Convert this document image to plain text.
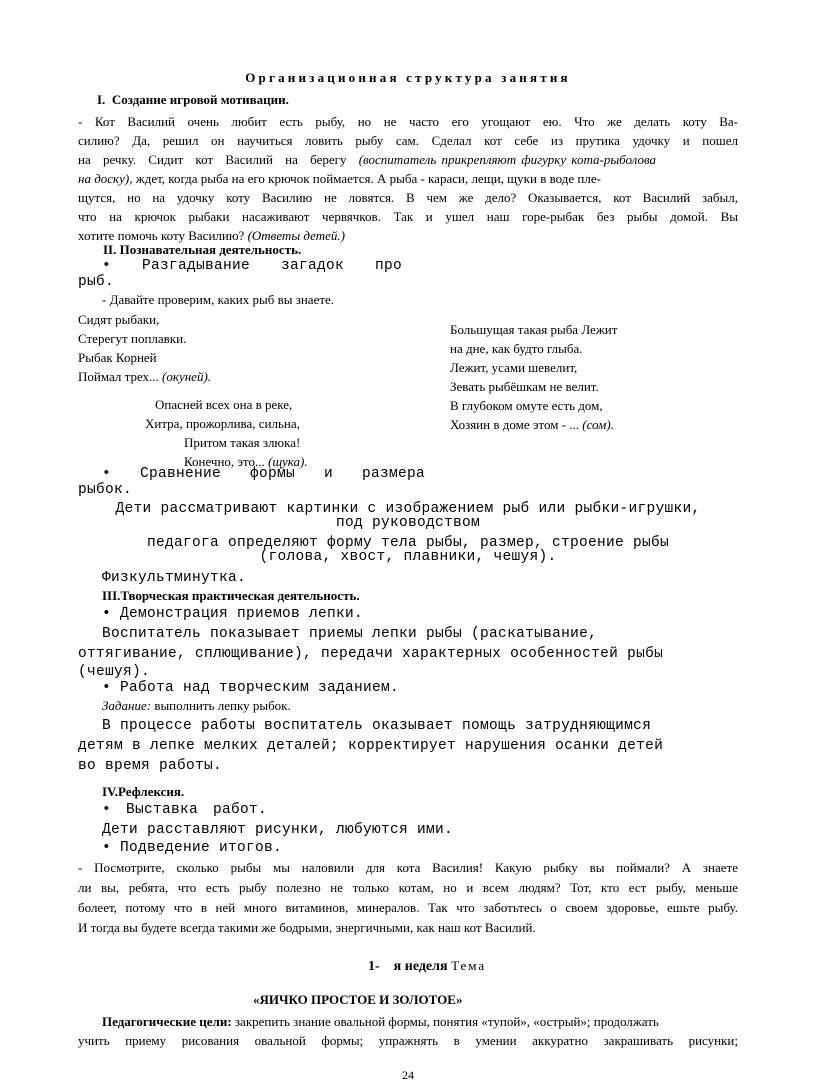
Организационная структура занятия

I. Создание игровой мотивации.

- Кот Василий очень любит есть рыбу, но не часто его угощают ею. Что же делать коту Ва-

силию? Да, решил он научиться ловить рыбу сам. Сделал кот себе из прутика удочку и пошел

на речку. Сидит кот Василий на берегу (воспитатель прикрепляют фигурку кота-рыболова

на доску), ждет, когда рыба на его крючок поймается. А рыба - караси, лещи, щуки в воде пле-

щутся, но на удочку коту Василию не ловятся. В чем же дело? Оказывается, кот Василий забыл,

что на крючок рыбаки насаживают червячков. Так и ушел наш горе-рыбак без рыбы домой. Вы

хотите помочь коту Василию? (Ответы детей.)

II. Познавательная деятельность.

• Разгадывание загадок про

рыб.

- Давайте проверим, каких рыб вы знаете.

Сидят рыбаки,

Стерегут поплавки.

Рыбак Корней

Поймал трех... (окуней).

Опасней всех она в реке,

Хитра, прожорлива, сильна,

Притом такая злюка!

Конечно, это... (щука).

Большущая такая рыба Лежит

на дне, как будто глыба.

Лежит, усами шевелит,

Зевать рыбёшкам не велит.

В глубоком омуте есть дом,

Хозяин в доме этом - ... (сом).

• Сравнение формы и размера

рыбок.

Дети рассматривают картинки с изображением рыб или рыбки-игрушки,

под руководством

педагога определяют форму тела рыбы, размер, строение рыбы

(голова, хвост, плавники, чешуя).

Физкультминутка.

III.Творческая практическая деятельность.

• Демонстрация приемов лепки.

Воспитатель показывает приемы лепки рыбы (раскатывание,

оттягивание, сплющивание), передачи характерных особенностей рыбы

(чешуя).

• Работа над творческим заданием.

Задание: выполнить лепку рыбок.

В процессе работы воспитатель оказывает помощь затрудняющимся

детям в лепке мелких деталей; корректирует нарушения осанки детей

во время работы.

IV.Рефлексия.

• Выставка работ.

Дети расставляют рисунки, любуются ими.

• Подведение итогов.

- Посмотрите, сколько рыбы мы наловили для кота Василия! Какую рыбку вы поймали? А знаете

ли вы, ребята, что есть рыбу полезно не только котам, но и всем людям? Тот, кто ест рыбу, меньше

болеет, потому что в ней много витаминов, минералов. Так что заботьтесь о своем здоровье, ешьте рыбу.

И тогда вы будете всегда такими же бодрыми, энергичными, как наш кот Василий.

1- я неделя Тема

«ЯИЧКО ПРОСТОЕ И ЗОЛОТОЕ»

Педагогические цели: закрепить знание овальной формы, понятия «тупой», «острый»; продолжать

учить приему рисования овальной формы; упражнять в умении аккуратно закрашивать рисунки;

24
